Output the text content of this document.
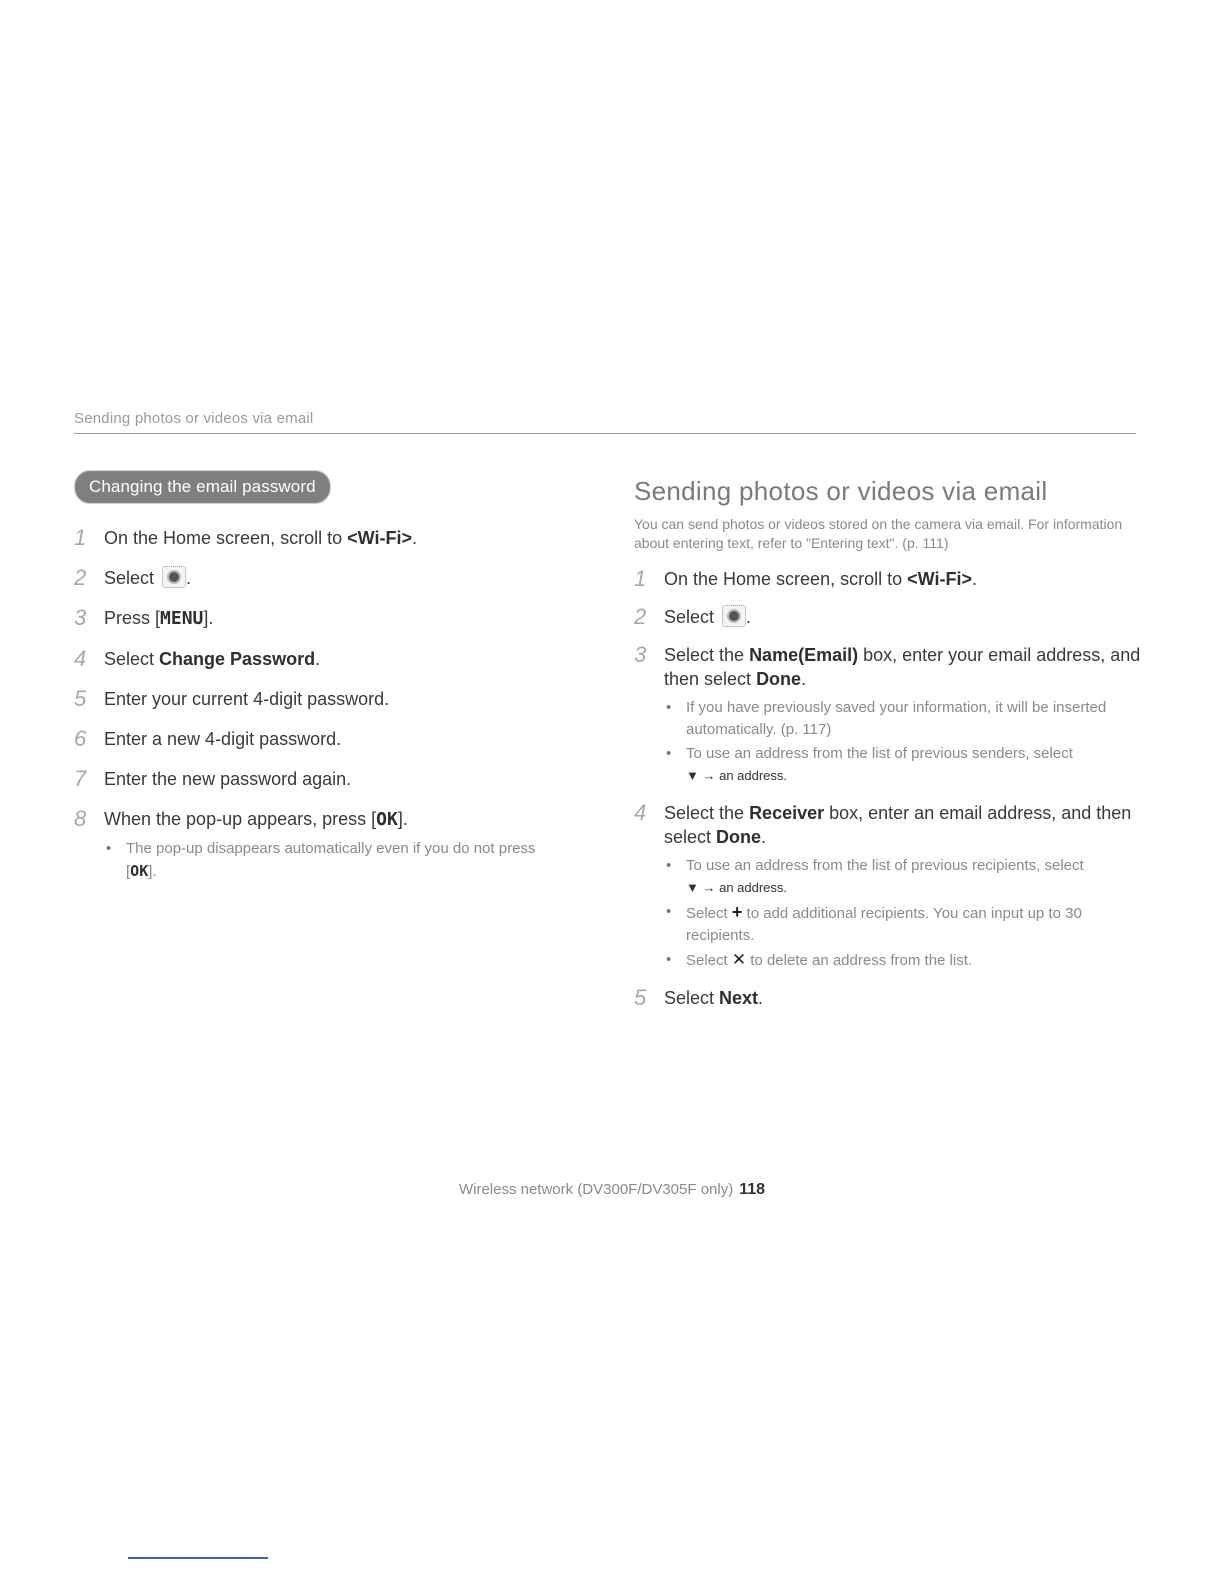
Sending photos or videos via email
Changing the email password
1 On the Home screen, scroll to <Wi-Fi>.
2 Select .
3 Press [MENU].
4 Select Change Password.
5 Enter your current 4-digit password.
6 Enter a new 4-digit password.
7 Enter the new password again.
8 When the pop-up appears, press [OK].
• The pop-up disappears automatically even if you do not press [OK].
Sending photos or videos via email
You can send photos or videos stored on the camera via email. For information about entering text, refer to "Entering text". (p. 111)
1 On the Home screen, scroll to <Wi-Fi>.
2 Select .
3 Select the Name(Email) box, enter your email address, and then select Done.
• If you have previously saved your information, it will be inserted automatically. (p. 117)
• To use an address from the list of previous senders, select
▼ → an address.
4 Select the Receiver box, enter an email address, and then select Done.
• To use an address from the list of previous recipients, select
▼ → an address.
• Select + to add additional recipients. You can input up to 30 recipients.
• Select ✕ to delete an address from the list.
5 Select Next.
Wireless network (DV300F/DV305F only) 118
